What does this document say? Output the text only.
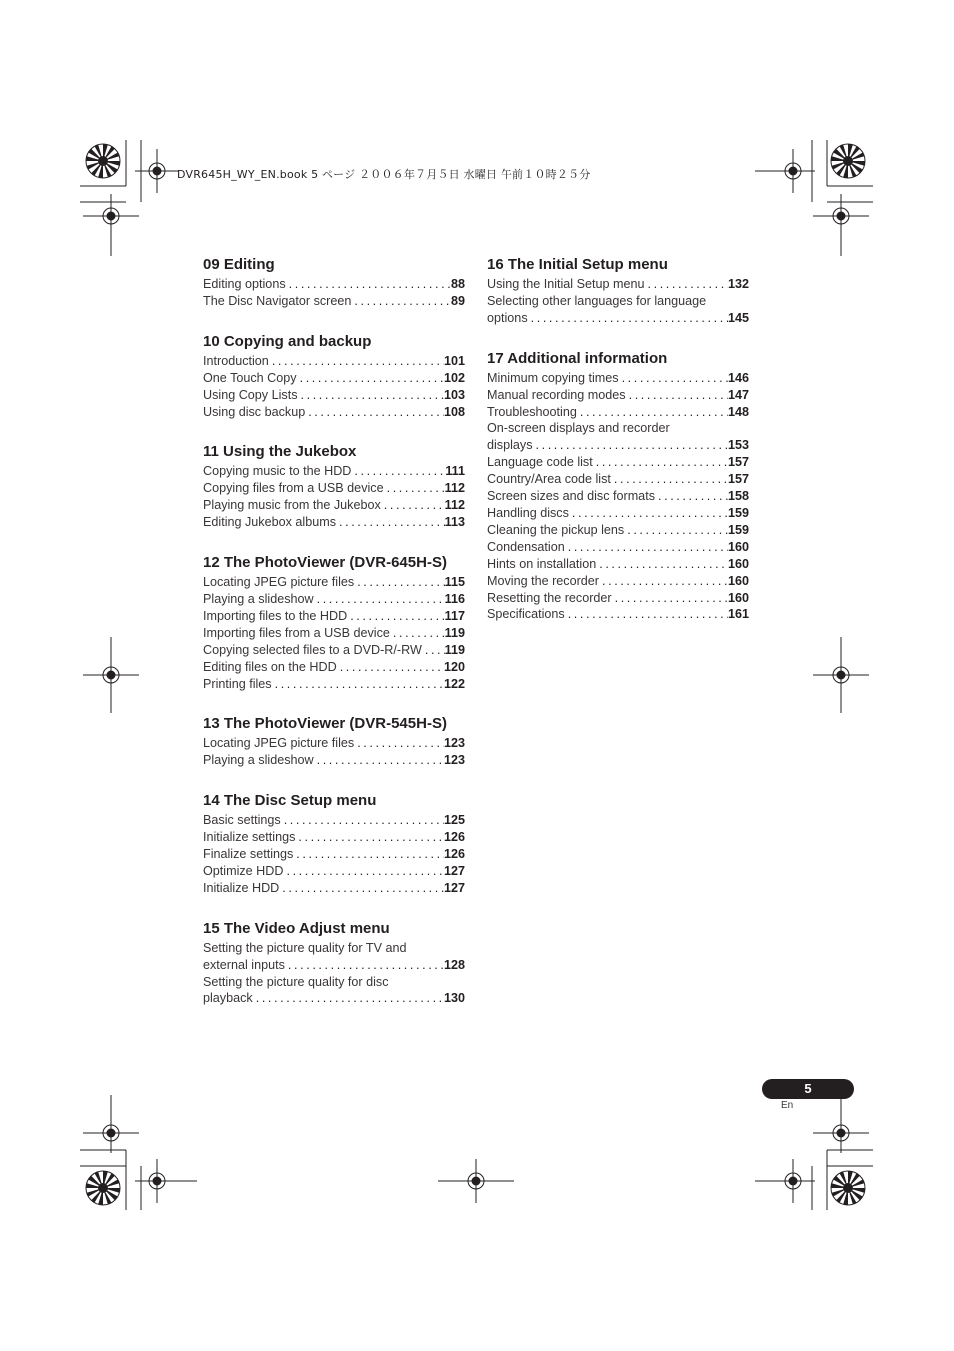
DVR645H_WY_EN.book 5 ページ ２００６年７月５日 水曜日 午前１０時２５分
09 Editing
Editing options .....	88
The Disc Navigator screen .....	89
10 Copying and backup
Introduction .....	101
One Touch Copy .....	102
Using Copy Lists .....	103
Using disc backup .....	108
11 Using the Jukebox
Copying music to the HDD .....	111
Copying files from a USB device .....	112
Playing music from the Jukebox .....	112
Editing Jukebox albums .....	113
12 The PhotoViewer (DVR-645H-S)
Locating JPEG picture files .....	115
Playing a slideshow .....	116
Importing files to the HDD .....	117
Importing files from a USB device .....	119
Copying selected files to a DVD-R/-RW ..... 119
Editing files on the HDD .....	120
Printing files .....	122
13 The PhotoViewer (DVR-545H-S)
Locating JPEG picture files .....	123
Playing a slideshow .....	123
14 The Disc Setup menu
Basic settings .....	125
Initialize settings .....	126
Finalize settings .....	126
Optimize HDD .....	127
Initialize HDD .....	127
15 The Video Adjust menu
Setting the picture quality for TV and
external inputs .....	128
Setting the picture quality for disc
playback .....	130
16 The Initial Setup menu
Using the Initial Setup menu .....	132
Selecting other languages for language
options .....	145
17 Additional information
Minimum copying times .....	146
Manual recording modes .....	147
Troubleshooting .....	148
On-screen displays and recorder
displays .....	153
Language code list .....	157
Country/Area code list .....	157
Screen sizes and disc formats .....	158
Handling discs .....	159
Cleaning the pickup lens .....	159
Condensation .....	160
Hints on installation .....	160
Moving the recorder .....	160
Resetting the recorder .....	160
Specifications .....	161
5
En
